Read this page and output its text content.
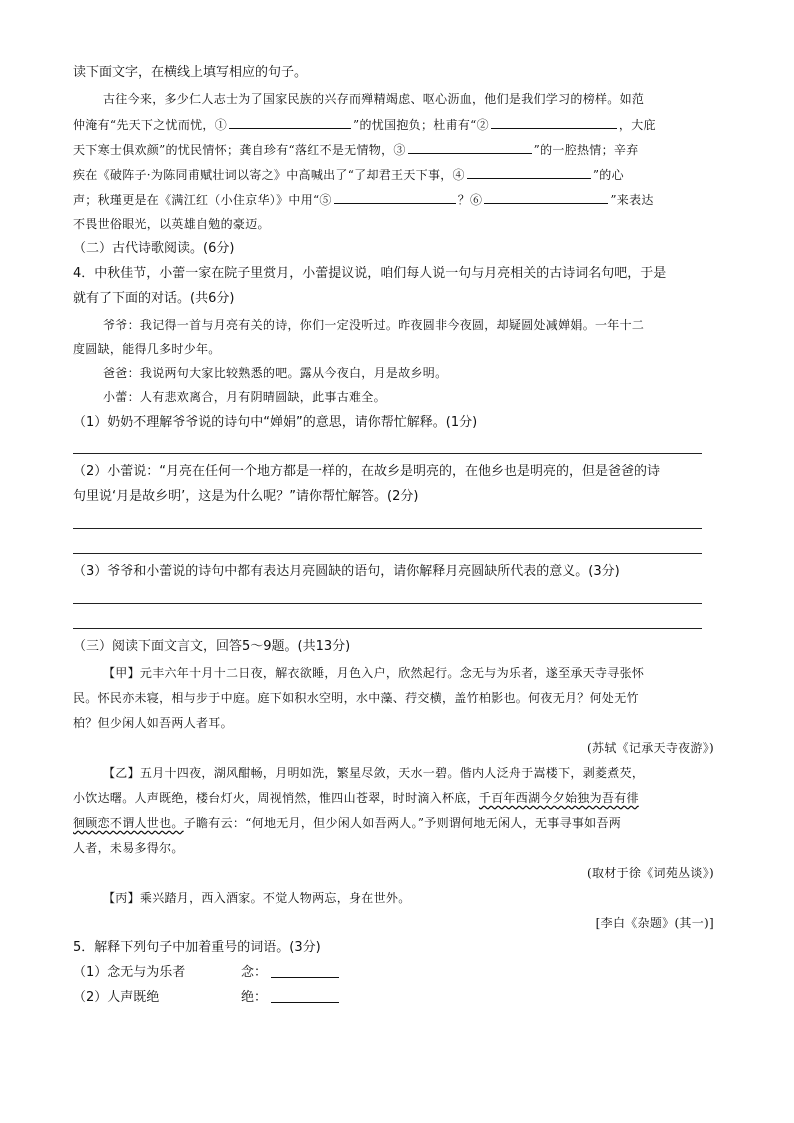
读下面文字，在横线上填写相应的句子。
古往今来，多少仁人志士为了国家民族的兴存而殚精竭虑、呕心沥血，他们是我们学习的榜样。如范
仲淹有“先天下之忧而忧，①	”的忧国抱负；杜甫有“②	，大庇
天下寒士俱欢颜”的忧民情怀；龚自珍有“落红不是无情物，③	”的一腔热情；辛弃
疾在《破阵子·为陈同甫赋壮词以寄之》中高喊出了“了却君王天下事，④	”的心
声；秋瑾更是在《满江红（小住京华）》中用“⑤	？⑥	”来表达
不畏世俗眼光，以英雄自勉的豪迈。
（二）古代诗歌阅读。(6分)
4．中秋佳节，小蕾一家在院子里赏月，小蕾提议说，咱们每人说一句与月亮相关的古诗词名句吧，于是
就有了下面的对话。(共6分)
爷爷：我记得一首与月亮有关的诗，你们一定没听过。昨夜圆非今夜圆，却疑圆处减婵娟。一年十二
度圆缺，能得几多时少年。
爸爸：我说两句大家比较熟悉的吧。露从今夜白，月是故乡明。
小蕾：人有悲欢离合，月有阴晴圆缺，此事古难全。
（1）奶奶不理解爷爷说的诗句中“婵娟”的意思，请你帮忙解释。(1分)
（2）小蕾说：“月亮在任何一个地方都是一样的，在故乡是明亮的，在他乡也是明亮的，但是爸爸的诗
句里说‘月是故乡明’，这是为什么呢？”请你帮忙解答。(2分)
（3）爷爷和小蕾说的诗句中都有表达月亮圆缺的语句，请你解释月亮圆缺所代表的意义。(3分)
（三）阅读下面文言文，回答5～9题。(共13分)
【甲】元丰六年十月十二日夜，解衣欲睡，月色入户，欣然起行。念无与为乐者，遂至承天寺寻张怀
民。怀民亦未寝，相与步于中庭。庭下如积水空明，水中藻、荇交横，盖竹柏影也。何夜无月？何处无竹
柏？但少闲人如吾两人者耳。
(苏轼《记承天寺夜游》)
【乙】五月十四夜，湖风酣畅，月明如洗，繁星尽敛，天水一碧。偕内人泛舟于嵩楼下，剥菱煮芡，
小饮达曙。人声既绝，楼台灯火，周视悄然，惟四山苍翠，时时滴入杯底，千百年西湖今夕始独为吾有徘
徊顾恋不谓人世也。子瞻有云：“何地无月，但少闲人如吾两人。”予则谓何地无闲人，无事寻事如吾两
人者，未易多得尔。
(取材于徐《词苑丛谈》)
【丙】乘兴踏月，西入酒家。不觉人物两忘，身在世外。
[李白《杂题》(其一)]
5．解释下列句子中加着重号的词语。(3分)
（1）念无与为乐者	念：
（2）人声既绝	绝：
